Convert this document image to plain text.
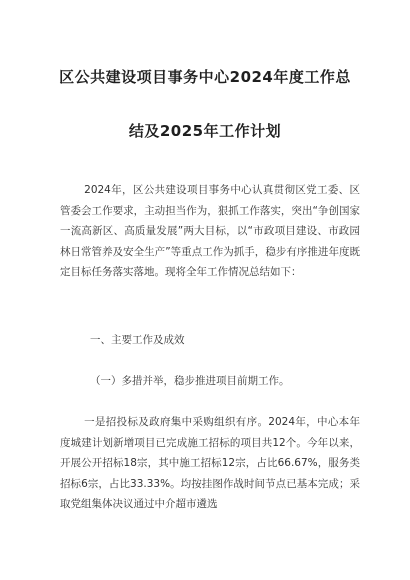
区公共建设项目事务中心2024年度工作总
结及2025年工作计划
2024年，区公共建设项目事务中心认真贯彻区党工委、区管委会工作要求，主动担当作为，狠抓工作落实，突出“争创国家一流高新区、高质量发展”两大目标，以“市政项目建设、市政园林日常管养及安全生产”等重点工作为抓手，稳步有序推进年度既定目标任务落实落地。现将全年工作情况总结如下：
一、主要工作及成效
（一）多措并举，稳步推进项目前期工作。
一是招投标及政府集中采购组织有序。2024年，中心本年度城建计划新增项目已完成施工招标的项目共12个。今年以来，开展公开招标18宗，其中施工招标12宗，占比66.67%，服务类招标6宗，占比33.33%。均按挂图作战时间节点已基本完成；采取党组集体决议通过中介超市遴选
